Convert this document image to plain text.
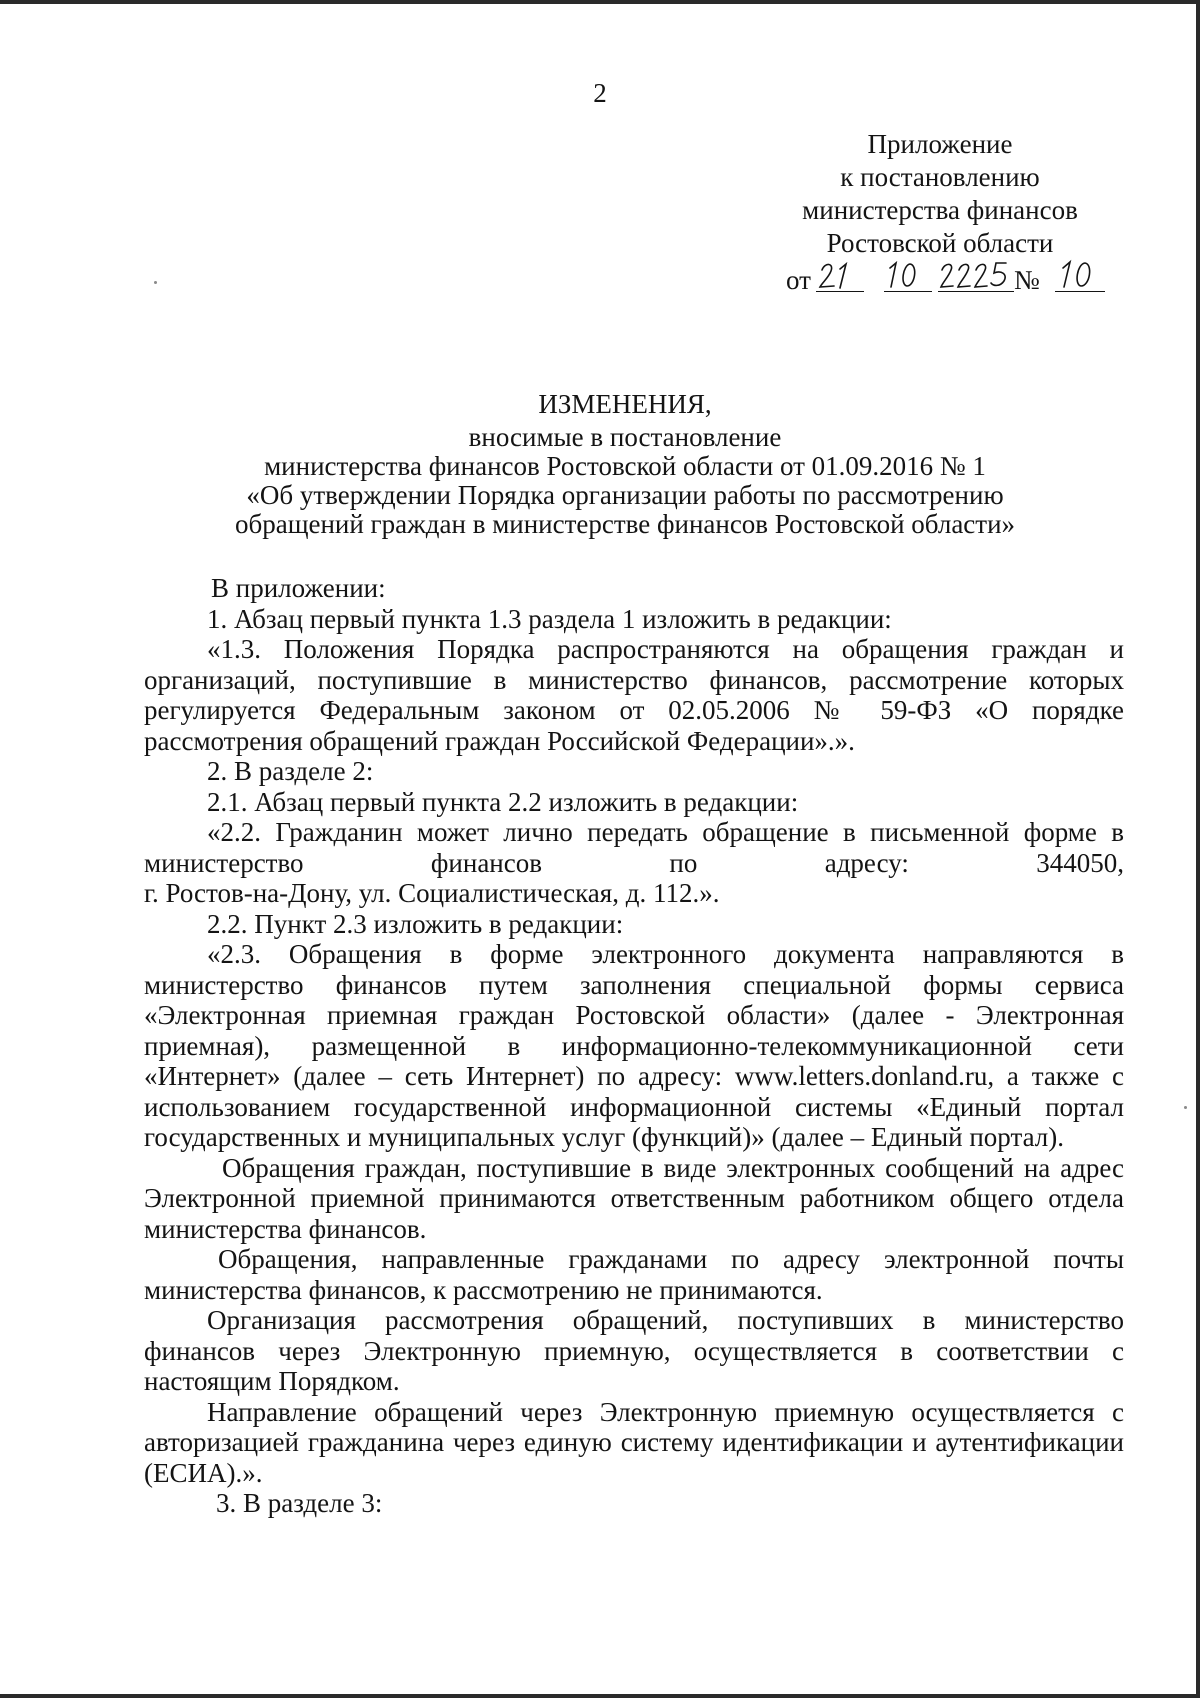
2
Приложение
к постановлению
министерства финансов
Ростовской области
от	№
ИЗМЕНЕНИЯ,
вносимые в постановление
министерства финансов Ростовской области от 01.09.2016 № 1
«Об утверждении Порядка организации работы по рассмотрению
обращений граждан в министерстве финансов Ростовской области»

В приложении:

1. Абзац первый пункта 1.3 раздела 1 изложить в редакции:

«1.3. Положения Порядка распространяются на обращения граждан и организаций, поступившие в министерство финансов, рассмотрение которых регулируется Федеральным законом от 02.05.2006 № 59-ФЗ «О порядке рассмотрения обращений граждан Российской Федерации».».

2. В разделе 2:

2.1. Абзац первый пункта 2.2 изложить в редакции:

«2.2. Гражданин может лично передать обращение в письменной форме в министерство финансов по адресу: 344050,

г. Ростов-на-Дону, ул. Социалистическая, д. 112.».

2.2. Пункт 2.3 изложить в редакции:

«2.3. Обращения в форме электронного документа направляются в министерство финансов путем заполнения специальной формы сервиса «Электронная приемная граждан Ростовской области» (далее - Электронная приемная), размещенной в информационно-телекоммуникационной сети «Интернет» (далее – сеть Интернет) по адресу: www.letters.donland.ru, а также с использованием государственной информационной системы «Единый портал государственных и муниципальных услуг (функций)» (далее – Единый портал).

Обращения граждан, поступившие в виде электронных сообщений на адрес Электронной приемной принимаются ответственным работником общего отдела министерства финансов.

Обращения, направленные гражданами по адресу электронной почты министерства финансов, к рассмотрению не принимаются.

Организация рассмотрения обращений, поступивших в министерство финансов через Электронную приемную, осуществляется в соответствии с настоящим Порядком.

Направление обращений через Электронную приемную осуществляется с авторизацией гражданина через единую систему идентификации и аутентификации (ЕСИА).».

3. В разделе 3:
